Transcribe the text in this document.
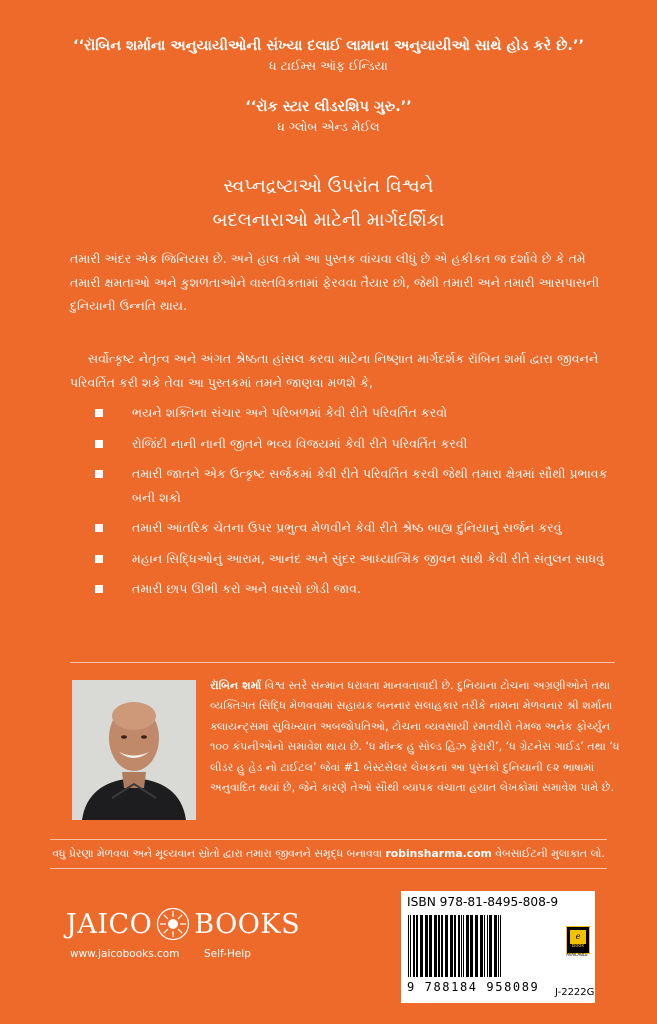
‘‘રૉબિન શર્માના અનુયાયીઓની સંખ્યા દલાઈ લામાના અનુયાયીઓ સાથે હોડ કરે છે.’’
ધ ટાઈમ્સ ઑફ ઈન્ડિયા
‘‘રૉક સ્ટાર લીડરશિપ ગુરુ.’’
ધ ગ્લોબ એન્ડ મેઈલ
સ્વપ્નદ્રષ્ટાઓ ઉપરાંત વિશ્વને
બદલનારાઓ માટેની માર્ગદર્શિકા
તમારી અંદર એક જિનિયસ છે. અને હાલ તમે આ પુસ્તક વાંચવા લીધું છે એ હકીકત જ દર્શાવે છે કે તમે તમારી ક્ષમતાઓ અને કુશળતાઓને વાસ્તવિકતામાં ફેરવવા તૈયાર છો, જેથી તમારી અને તમારી આસપાસની દુનિયાની ઉન્નતિ થાય.
સર્વોત્કૃષ્ટ નેતૃત્વ અને અંગત શ્રેષ્ઠતા હાંસલ કરવા માટેના નિષ્ણાત માર્ગદર્શક રૉબિન શર્મા દ્વારા જીવનને પરિવર્તિત કરી શકે તેવા આ પુસ્તકમાં તમને જાણવા મળશે કે,
ભયને શક્તિના સંચાર અને પરિબળમાં કેવી રીતે પરિવર્તિત કરવો
રોજિંદી નાની નાની જીતને ભવ્ય વિજયમાં કેવી રીતે પરિવર્તિત કરવી
તમારી જાતને એક ઉત્કૃષ્ટ સર્જકમાં કેવી રીતે પરિવર્તિત કરવી જેથી તમારા ક્ષેત્રમાં સૌથી પ્રભાવક બની શકો
તમારી આંતરિક ચેતના ઉપર પ્રભુત્વ મેળવીને કેવી રીતે શ્રેષ્ઠ બાહ્ય દુનિયાનું સર્જન કરવું
મહાન સિદ્ધિઓનું આરામ, આનંદ અને સુંદર આધ્યાત્મિક જીવન સાથે કેવી રીતે સંતુલન સાધવું
તમારી છાપ ઊભી કરો અને વારસો છોડી જાવ.
રૉબિન શર્મા વિશ્વ સ્તરે સન્માન ધરાવતા માનવતાવાદી છે. દુનિયાના ટોચના અગ્રણીઓને તથા વ્યક્તિગત સિદ્ધિ મેળવવામાં સહાયક બનનાર સલાહકાર તરીકે નામના મેળવનાર શ્રી શર્માના ક્લાયન્ટ્સમાં સુવિખ્યાત અબજોપતિઓ, ટોચના વ્યવસાયી રમતવીરો તેમજ અનેક ફોર્ચ્યુન ૧૦૦ કંપનીઓનો સમાવેશ થાય છે. ‘ધ મૉન્ક હુ સોલ્ડ હિઝ ફેરારી’, ‘ધ ગ્રેટનેસ ગાઈડ’ તથા ‘ધ લીડર હુ હેડ નો ટાઈટલ’ જેવાં #1 બેસ્ટસેલર લેખકનાં આ પુસ્તકો દુનિયાની ૯૨ ભાષામાં અનુવાદિત થયાં છે, જેને કારણે તેઓ સૌથી વ્યાપક વંચાતા હયાત લેખકોમાં સમાવેશ પામે છે.
વધુ પ્રેરણા મેળવવા અને મૂલ્યવાન સ્રોતો દ્વારા તમારા જીવનને સમૃદ્ધ બનાવવા robinsharma.com વેબસાઈટની મુલાકાત લો.
JAICO BOOKS
www.jaicobooks.com Self-Help
ISBN 978-81-8495-808-9
9 788184 958089
e
Book
AVAILABLE
J-2222G
